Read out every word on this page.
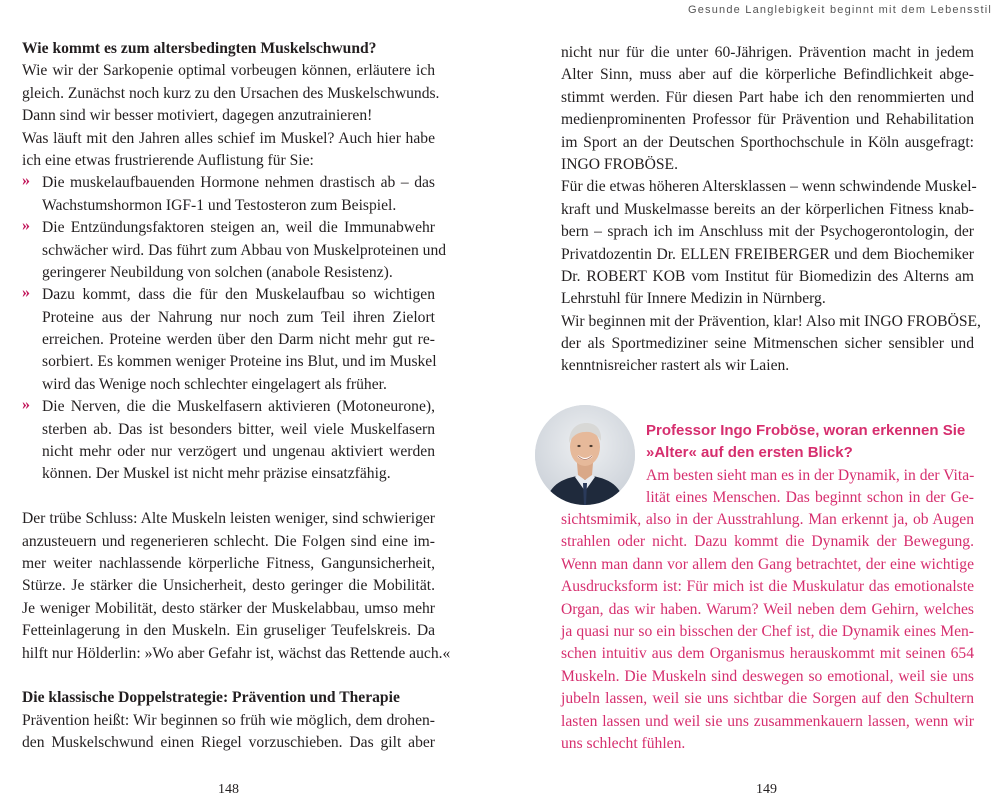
Gesunde Langlebigkeit beginnt mit dem Lebensstil
Wie kommt es zum altersbedingten Muskelschwund?
Wie wir der Sarkopenie optimal vorbeugen können, erläutere ich
gleich. Zunächst noch kurz zu den Ursachen des Muskelschwunds.
Dann sind wir besser motiviert, dagegen anzutrainieren!
Was läuft mit den Jahren alles schief im Muskel? Auch hier habe
ich eine etwas frustrierende Auflistung für Sie:
» Die muskelaufbauenden Hormone nehmen drastisch ab – das
Wachstumshormon IGF-1 und Testosteron zum Beispiel.
» Die Entzündungsfaktoren steigen an, weil die Immunabwehr
schwächer wird. Das führt zum Abbau von Muskelproteinen und
geringerer Neubildung von solchen (anabole Resistenz).
» Dazu kommt, dass die für den Muskelaufbau so wichtigen
Proteine aus der Nahrung nur noch zum Teil ihren Zielort
erreichen. Proteine werden über den Darm nicht mehr gut re-
sorbiert. Es kommen weniger Proteine ins Blut, und im Muskel
wird das Wenige noch schlechter eingelagert als früher.
» Die Nerven, die die Muskelfasern aktivieren (Motoneurone),
sterben ab. Das ist besonders bitter, weil viele Muskelfasern
nicht mehr oder nur verzögert und ungenau aktiviert werden
können. Der Muskel ist nicht mehr präzise einsatzfähig.
Der trübe Schluss: Alte Muskeln leisten weniger, sind schwieriger
anzusteuern und regenerieren schlecht. Die Folgen sind eine im-
mer weiter nachlassende körperliche Fitness, Gangunsicherheit,
Stürze. Je stärker die Unsicherheit, desto geringer die Mobilität.
Je weniger Mobilität, desto stärker der Muskelabbau, umso mehr
Fetteinlagerung in den Muskeln. Ein gruseliger Teufelskreis. Da
hilft nur Hölderlin: »Wo aber Gefahr ist, wächst das Rettende auch.«
Die klassische Doppelstrategie: Prävention und Therapie
Prävention heißt: Wir beginnen so früh wie möglich, dem drohen-
den Muskelschwund einen Riegel vorzuschieben. Das gilt aber
148
nicht nur für die unter 60-Jährigen. Prävention macht in jedem
Alter Sinn, muss aber auf die körperliche Befindlichkeit abge-
stimmt werden. Für diesen Part habe ich den renommierten und
medienprominenten Professor für Prävention und Rehabilitation
im Sport an der Deutschen Sporthochschule in Köln ausgefragt:
INGO FROBÖSE.
Für die etwas höheren Altersklassen – wenn schwindende Muskel-
kraft und Muskelmasse bereits an der körperlichen Fitness knab-
bern – sprach ich im Anschluss mit der Psychogerontologin, der
Privatdozentin Dr. ELLEN FREIBERGER und dem Biochemiker
Dr. ROBERT KOB vom Institut für Biomedizin des Alterns am
Lehrstuhl für Innere Medizin in Nürnberg.
Wir beginnen mit der Prävention, klar! Also mit INGO FROBÖSE,
der als Sportmediziner seine Mitmenschen sicher sensibler und
kenntnisreicher rastert als wir Laien.
Professor Ingo Froböse, woran erkennen Sie
»Alter« auf den ersten Blick?
Am besten sieht man es in der Dynamik, in der Vita-
lität eines Menschen. Das beginnt schon in der Ge-
sichtsmimik, also in der Ausstrahlung. Man erkennt ja, ob Augen
strahlen oder nicht. Dazu kommt die Dynamik der Bewegung.
Wenn man dann vor allem den Gang betrachtet, der eine wichtige
Ausdrucksform ist: Für mich ist die Muskulatur das emotionalste
Organ, das wir haben. Warum? Weil neben dem Gehirn, welches
ja quasi nur so ein bisschen der Chef ist, die Dynamik eines Men-
schen intuitiv aus dem Organismus herauskommt mit seinen 654
Muskeln. Die Muskeln sind deswegen so emotional, weil sie uns
jubeln lassen, weil sie uns sichtbar die Sorgen auf den Schultern
lasten lassen und weil sie uns zusammenkauern lassen, wenn wir
uns schlecht fühlen.
149
